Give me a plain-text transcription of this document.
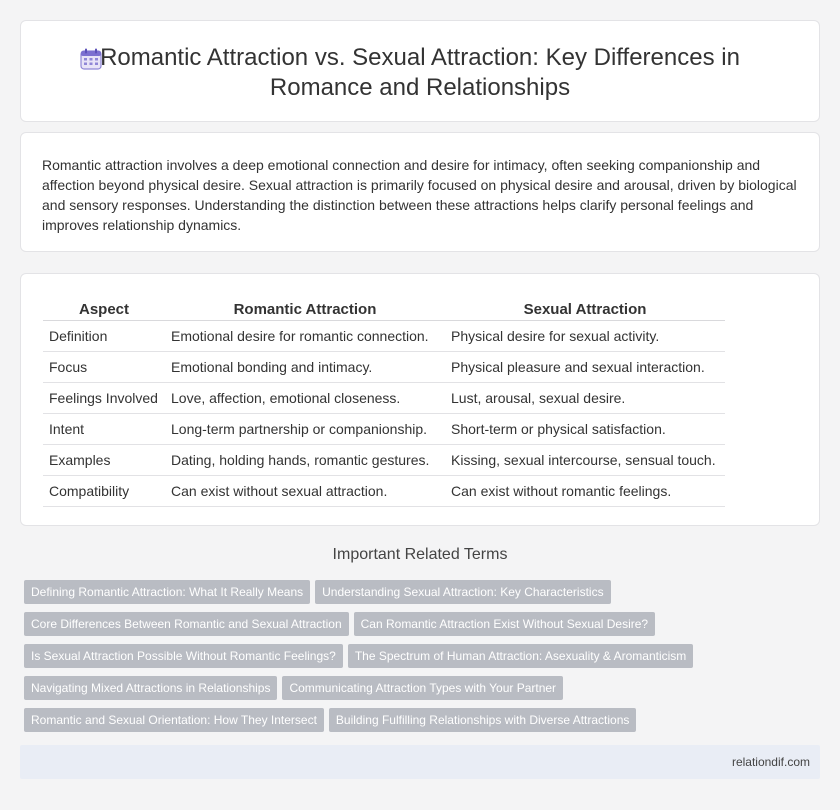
Romantic Attraction vs. Sexual Attraction: Key Differences in
Romance and Relationships

Romantic attraction involves a deep emotional connection and desire for intimacy, often seeking companionship and affection beyond physical desire. Sexual attraction is primarily focused on physical desire and arousal, driven by biological and sensory responses. Understanding the distinction between these attractions helps clarify personal feelings and improves relationship dynamics.

Aspect	Romantic Attraction	Sexual Attraction
Definition	Emotional desire for romantic connection.	Physical desire for sexual activity.
Focus	Emotional bonding and intimacy.	Physical pleasure and sexual interaction.
Feelings Involved	Love, affection, emotional closeness.	Lust, arousal, sexual desire.
Intent	Long-term partnership or companionship.	Short-term or physical satisfaction.
Examples	Dating, holding hands, romantic gestures.	Kissing, sexual intercourse, sensual touch.
Compatibility	Can exist without sexual attraction.	Can exist without romantic feelings.
Important Related Terms
Defining Romantic Attraction: What It Really Means Understanding Sexual Attraction: Key Characteristics
Core Differences Between Romantic and Sexual Attraction Can Romantic Attraction Exist Without Sexual Desire?
Is Sexual Attraction Possible Without Romantic Feelings? The Spectrum of Human Attraction: Asexuality & Aromanticism
Navigating Mixed Attractions in Relationships Communicating Attraction Types with Your Partner
Romantic and Sexual Orientation: How They Intersect Building Fulfilling Relationships with Diverse Attractions
relationdif.com
